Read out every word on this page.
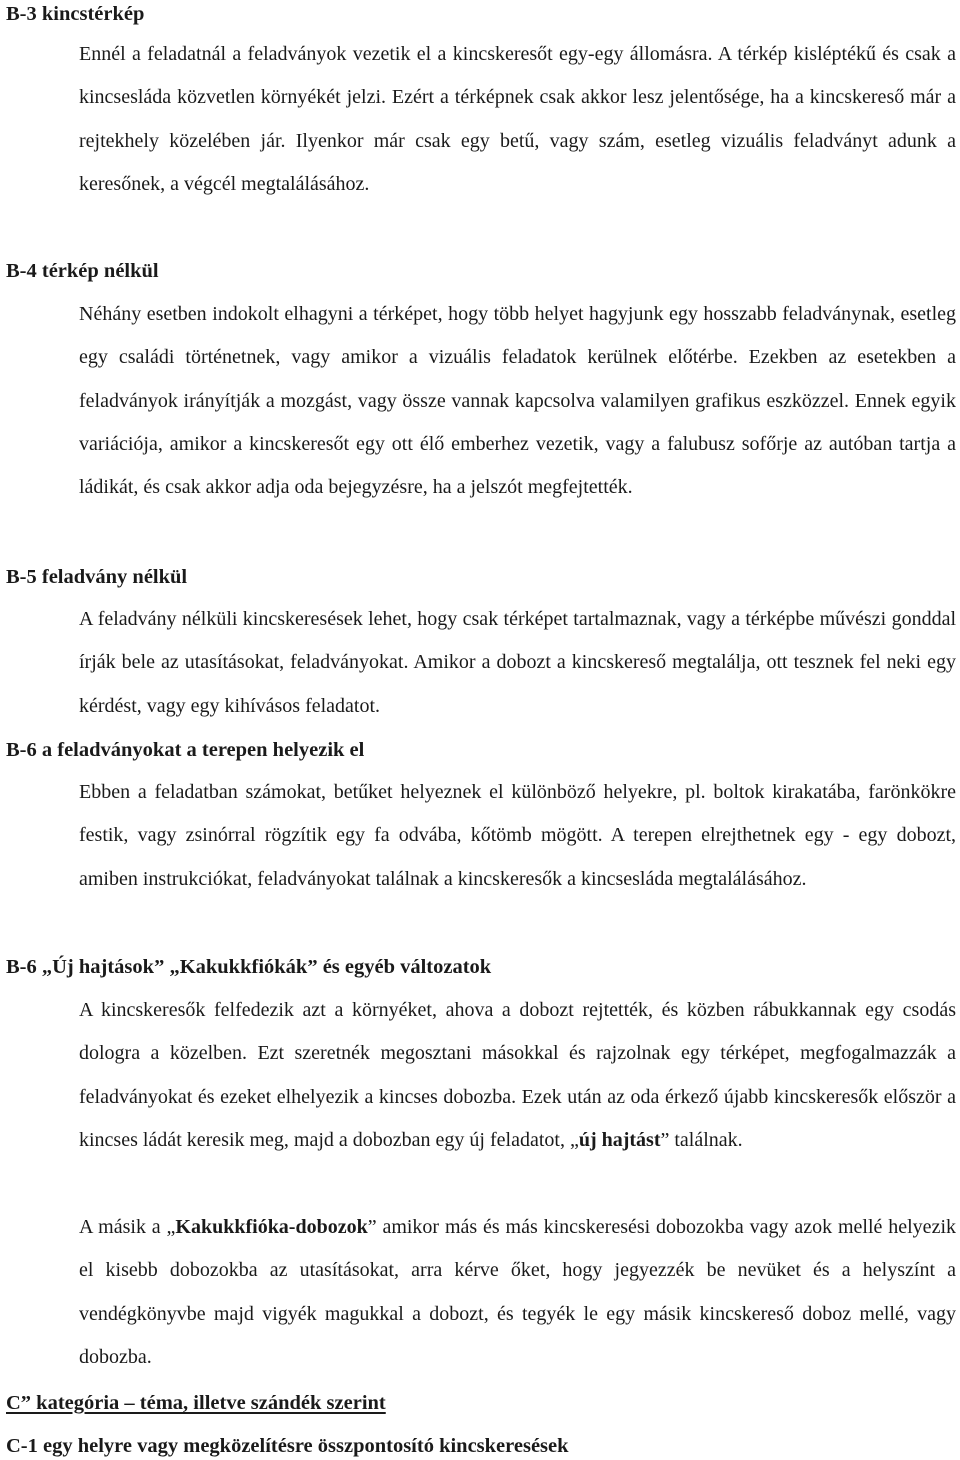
B-3 kincstérkép

Ennél a feladatnál a feladványok vezetik el a kincskeresőt egy-egy állomásra. A térkép kisléptékű és csak a kincsesláda közvetlen környékét jelzi. Ezért a térképnek csak akkor lesz jelentősége, ha a kincskereső már a rejtekhely közelében jár. Ilyenkor már csak egy betű, vagy szám, esetleg vizuális feladványt adunk a keresőnek, a végcél megtalálásához.

B-4 térkép nélkül

Néhány esetben indokolt elhagyni a térképet, hogy több helyet hagyjunk egy hosszabb feladványnak, esetleg egy családi történetnek, vagy amikor a vizuális feladatok kerülnek előtérbe. Ezekben az esetekben a feladványok irányítják a mozgást, vagy össze vannak kapcsolva valamilyen grafikus eszközzel. Ennek egyik variációja, amikor a kincskeresőt egy ott élő emberhez vezetik, vagy a falubusz sofőrje az autóban tartja a ládikát, és csak akkor adja oda bejegyzésre, ha a jelszót megfejtették.

B-5 feladvány nélkül

A feladvány nélküli kincskeresések lehet, hogy csak térképet tartalmaznak, vagy a térképbe művészi gonddal írják bele az utasításokat, feladványokat. Amikor a dobozt a kincskereső megtalálja, ott tesznek fel neki egy kérdést, vagy egy kihívásos feladatot.

B-6 a feladványokat a terepen helyezik el

Ebben a feladatban számokat, betűket helyeznek el különböző helyekre, pl. boltok kirakatába, farönkökre festik, vagy zsinórral rögzítik egy fa odvába, kőtömb mögött. A terepen elrejthetnek egy - egy dobozt, amiben instrukciókat, feladványokat találnak a kincskeresők a kincsesláda megtalálásához.

B-6 „Új hajtások” „Kakukkfiókák” és egyéb változatok

A kincskeresők felfedezik azt a környéket, ahova a dobozt rejtették, és közben rábukkannak egy csodás dologra a közelben. Ezt szeretnék megosztani másokkal és rajzolnak egy térképet, megfogalmazzák a feladványokat és ezeket elhelyezik a kincses dobozba. Ezek után az oda érkező újabb kincskeresők először a kincses ládát keresik meg, majd a dobozban egy új feladatot, „új hajtást” találnak.

A másik a „Kakukkfióka-dobozok” amikor más és más kincskeresési dobozokba vagy azok mellé helyezik el kisebb dobozokba az utasításokat, arra kérve őket, hogy jegyezzék be nevüket és a helyszínt a vendégkönyvbe majd vigyék magukkal a dobozt, és tegyék le egy másik kincskereső doboz mellé, vagy dobozba.

C” kategória – téma, illetve szándék szerint
C-1 egy helyre vagy megközelítésre összpontosító kincskeresések
